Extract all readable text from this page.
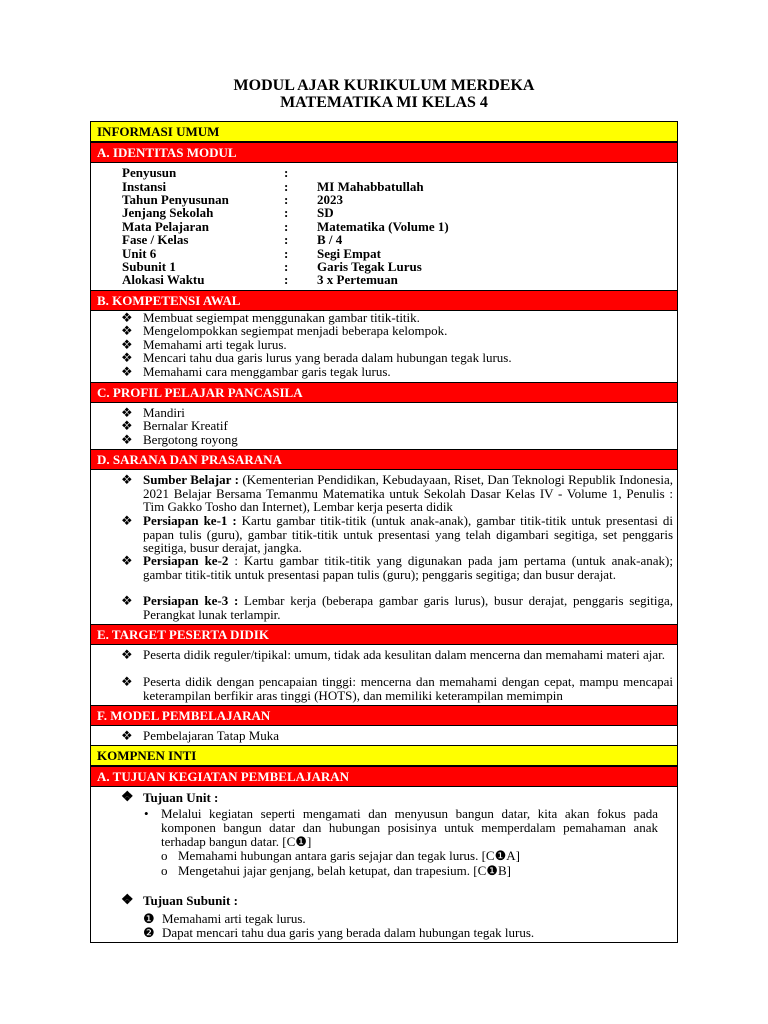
MODUL AJAR KURIKULUM MERDEKA
MATEMATIKA MI KELAS 4
INFORMASI UMUM
A. IDENTITAS MODUL
Penyusun	:
Instansi	: MI Mahabbatullah
Tahun Penyusunan	: 2023
Jenjang Sekolah	: SD
Mata Pelajaran	: Matematika (Volume 1)
Fase / Kelas	: B / 4
Unit 6	: Segi Empat
Subunit 1	: Garis Tegak Lurus
Alokasi Waktu	: 3 x Pertemuan
B. KOMPETENSI AWAL
❖ Membuat segiempat menggunakan gambar titik-titik.
❖ Mengelompokkan segiempat menjadi beberapa kelompok.
❖ Memahami arti tegak lurus.
❖ Mencari tahu dua garis lurus yang berada dalam hubungan tegak lurus.
❖ Memahami cara menggambar garis tegak lurus.
C. PROFIL PELAJAR PANCASILA
❖ Mandiri
❖ Bernalar Kreatif
❖ Bergotong royong
D. SARANA DAN PRASARANA
❖ Sumber Belajar : (Kementerian Pendidikan, Kebudayaan, Riset, Dan Teknologi Republik Indonesia, 2021 Belajar Bersama Temanmu Matematika untuk Sekolah Dasar Kelas IV - Volume 1, Penulis : Tim Gakko Tosho dan Internet), Lembar kerja peserta didik
❖ Persiapan ke-1 : Kartu gambar titik-titik (untuk anak-anak), gambar titik-titik untuk presentasi di papan tulis (guru), gambar titik-titik untuk presentasi yang telah digambari segitiga, set penggaris segitiga, busur derajat, jangka.
❖ Persiapan ke-2 : Kartu gambar titik-titik yang digunakan pada jam pertama (untuk anak-anak); gambar titik-titik untuk presentasi papan tulis (guru); penggaris segitiga; dan busur derajat.
❖ Persiapan ke-3 : Lembar kerja (beberapa gambar garis lurus), busur derajat, penggaris segitiga, Perangkat lunak terlampir.
E. TARGET PESERTA DIDIK
❖ Peserta didik reguler/tipikal: umum, tidak ada kesulitan dalam mencerna dan memahami materi ajar.
❖ Peserta didik dengan pencapaian tinggi: mencerna dan memahami dengan cepat, mampu mencapai keterampilan berfikir aras tinggi (HOTS), dan memiliki keterampilan memimpin
F. MODEL PEMBELAJARAN
❖ Pembelajaran Tatap Muka
KOMPNEN INTI
A. TUJUAN KEGIATAN PEMBELAJARAN
❖ Tujuan Unit :
• Melalui kegiatan seperti mengamati dan menyusun bangun datar, kita akan fokus pada komponen bangun datar dan hubungan posisinya untuk memperdalam pemahaman anak terhadap bangun datar. [C❶]
o Memahami hubungan antara garis sejajar dan tegak lurus. [C❶A]
o Mengetahui jajar genjang, belah ketupat, dan trapesium. [C❶B]
❖ Tujuan Subunit :
❶ Memahami arti tegak lurus.
❷ Dapat mencari tahu dua garis yang berada dalam hubungan tegak lurus.
